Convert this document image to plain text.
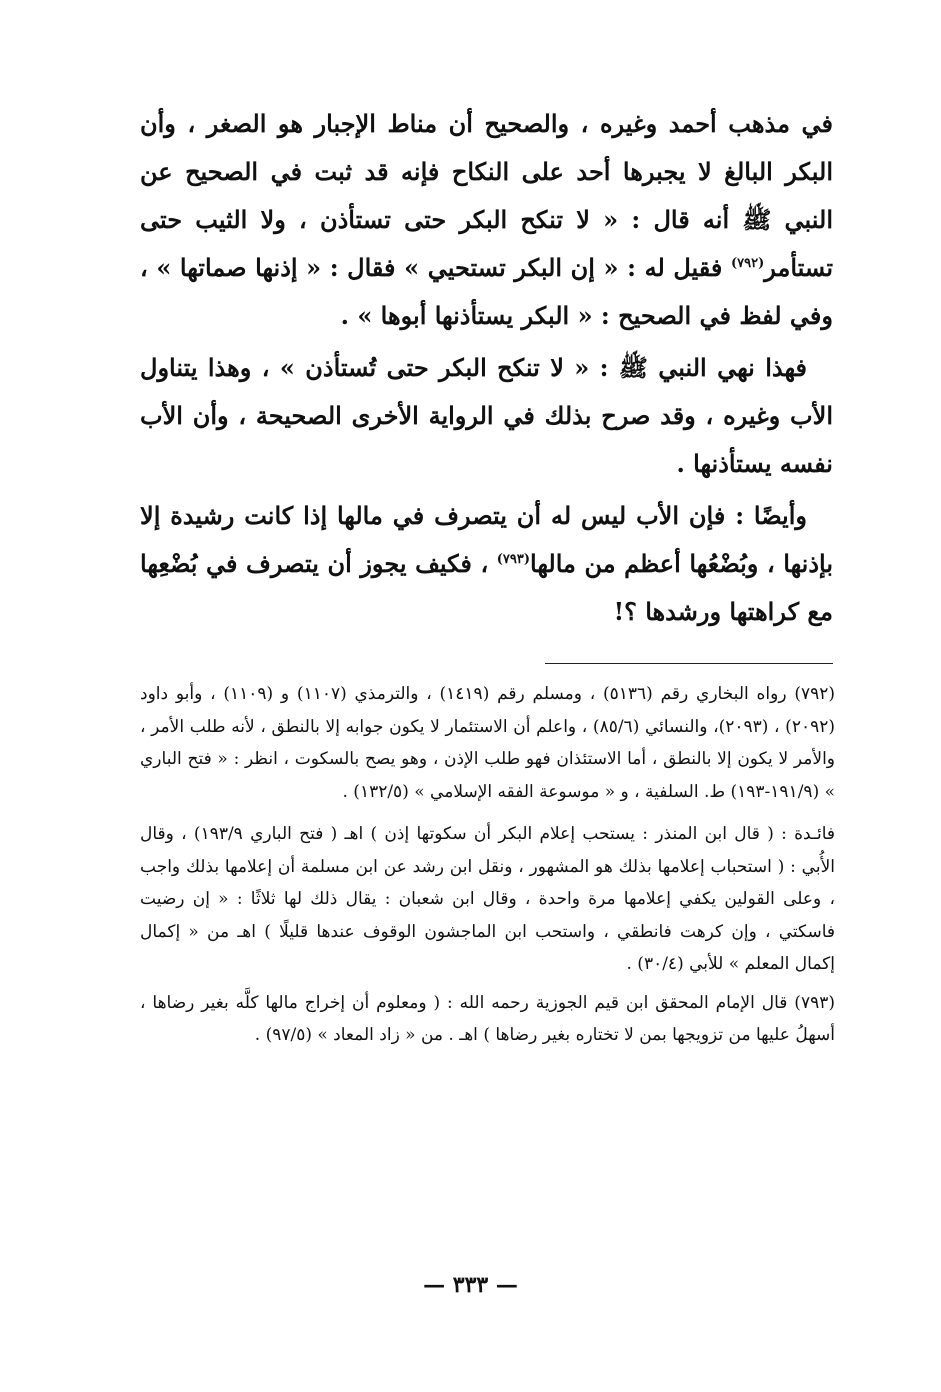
في مذهب أحمد وغيره ، والصحيح أن مناط الإجبار هو الصغر ، وأن البكر البالغ لا يجبرها أحد على النكاح فإنه قد ثبت في الصحيح عن النبي ﷺ أنه قال : « لا تنكح البكر حتى تستأذن ، ولا الثيب حتى تستأمر$^{(٧٩٢)}$ فقيل له : « إن البكر تستحيي » فقال : « إذنها صماتها » ، وفي لفظ في الصحيح : « البكر يستأذنها أبوها » .

فهذا نهي النبي ﷺ : « لا تنكح البكر حتى تُستأذن » ، وهذا يتناول الأب وغيره ، وقد صرح بذلك في الرواية الأخرى الصحيحة ، وأن الأب نفسه يستأذنها .

وأيضًا : فإن الأب ليس له أن يتصرف في مالها إذا كانت رشيدة إلا بإذنها ، وبُضْعُها أعظم من مالها$^{(٧٩٣)}$ ، فكيف يجوز أن يتصرف في بُضْعِها مع كراهتها ورشدها ؟!

(٧٩٢) رواه البخاري رقم (٥١٣٦) ، ومسلم رقم (١٤١٩) ، والترمذي (١١٠٧) و (١١٠٩) ، وأبو داود (٢٠٩٢) ، (٢٠٩٣)، والنسائي (٨٥/٦) ، واعلم أن الاستئمار لا يكون جوابه إلا بالنطق ، لأنه طلب الأمر ، والأمر لا يكون إلا بالنطق ، أما الاستئذان فهو طلب الإذن ، وهو يصح بالسكوت ، انظر : « فتح الباري » (١٩١/٩-١٩٣) ط. السلفية ، و « موسوعة الفقه الإسلامي » (١٣٢/٥) .

فائـدة : ( قال ابن المنذر : يستحب إعلام البكر أن سكوتها إذن ) اهـ ( فتح الباري ١٩٣/٩) ، وقال الأُبي : ( استحباب إعلامها بذلك هو المشهور ، ونقل ابن رشد عن ابن مسلمة أن إعلامها بذلك واجب ، وعلى القولين يكفي إعلامها مرة واحدة ، وقال ابن شعبان : يقال ذلك لها ثلاثًا : « إن رضيت فاسكتي ، وإن كرهت فانطقي ، واستحب ابن الماجشون الوقوف عندها قليلًا ) اهـ من « إكمال إكمال المعلم » للأبي (٣٠/٤) .

(٧٩٣) قال الإمام المحقق ابن قيم الجوزية رحمه الله : ( ومعلوم أن إخراج مالها كلَّه بغير رضاها ، أسهلُ عليها من تزويجها بمن لا تختاره بغير رضاها ) اهـ . من « زاد المعاد » (٩٧/٥) .

— ٣٣٣ —
